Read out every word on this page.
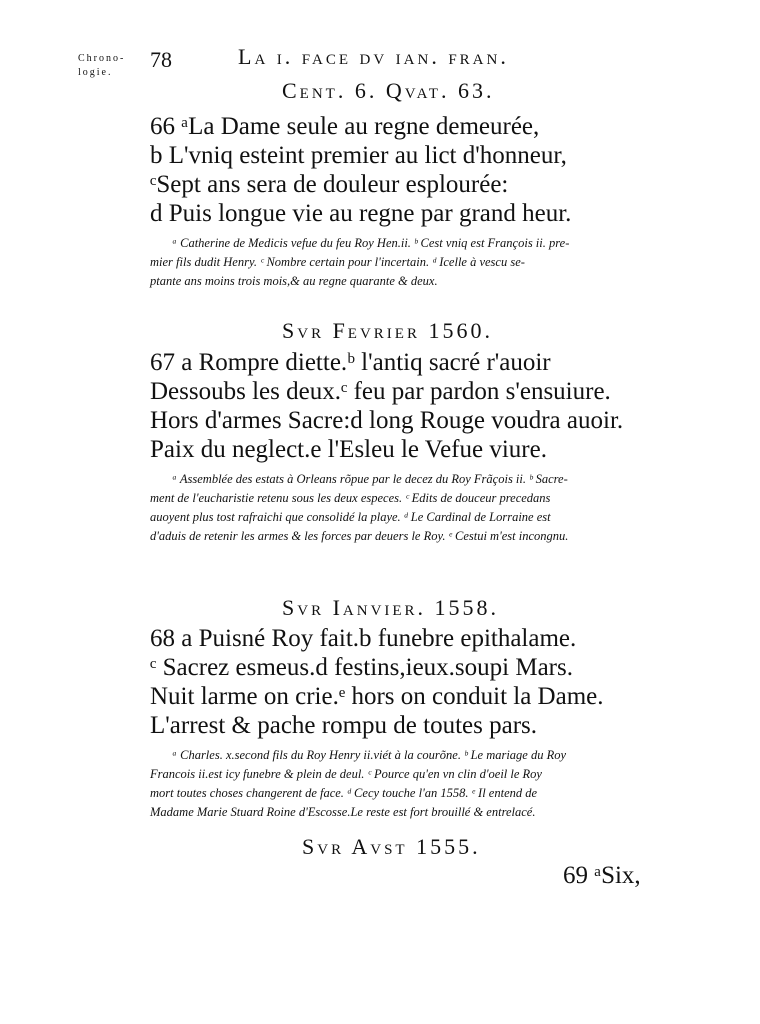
Chrono-
logie.
78	La i. face dv ian. fran.
Cent. 6. Qvat. 63.
66 ᵃLa Dame seule au regne demeurée,
b L'vniq esteint premier au lict d'honneur,
ᶜSept ans sera de douleur esplourée:
d Puis longue vie au regne par grand heur.
ᵃ Catherine de Medicis vefue du feu Roy Hen.ii. ᵇ Cest vniq est François ii. pre-
mier fils dudit Henry. ᶜ Nombre certain pour l'incertain. ᵈ Icelle à vescu se-
ptante ans moins trois mois,& au regne quarante & deux.
Svr Fevrier 1560.
67 a Rompre diette.ᵇ l'antiq sacré r'auoir
Dessoubs les deux.ᶜ feu par pardon s'ensuiure.
Hors d'armes Sacre:d long Rouge voudra auoir.
Paix du neglect.e l'Esleu le Vefue viure.
ᵃ Assemblée des estats à Orleans rõpue par le decez du Roy Frãçois ii. ᵇ Sacre-
ment de l'eucharistie retenu sous les deux especes. ᶜ Edits de douceur precedans
auoyent plus tost rafraichi que consolidé la playe. ᵈ Le Cardinal de Lorraine est
d'aduis de retenir les armes & les forces par deuers le Roy. ᵉ Cestui m'est incongnu.
Svr Ianvier. 1558.
68 a Puisné Roy fait.b funebre epithalame.
ᶜ Sacrez esmeus.d festins,ieux.soupi Mars.
Nuit larme on crie.ᵉ hors on conduit la Dame.
L'arrest & pache rompu de toutes pars.
ᵃ Charles. x.second fils du Roy Henry ii.viét à la courõne. ᵇ Le mariage du Roy
Francois ii.est icy funebre & plein de deul. ᶜ Pource qu'en vn clin d'oeil le Roy
mort toutes choses changerent de face. ᵈ Cecy touche l'an 1558. ᵉ Il entend de
Madame Marie Stuard Roine d'Escosse.Le reste est fort brouillé & entrelacé.
Svr Avst 1555.
69 ᵃSix,
